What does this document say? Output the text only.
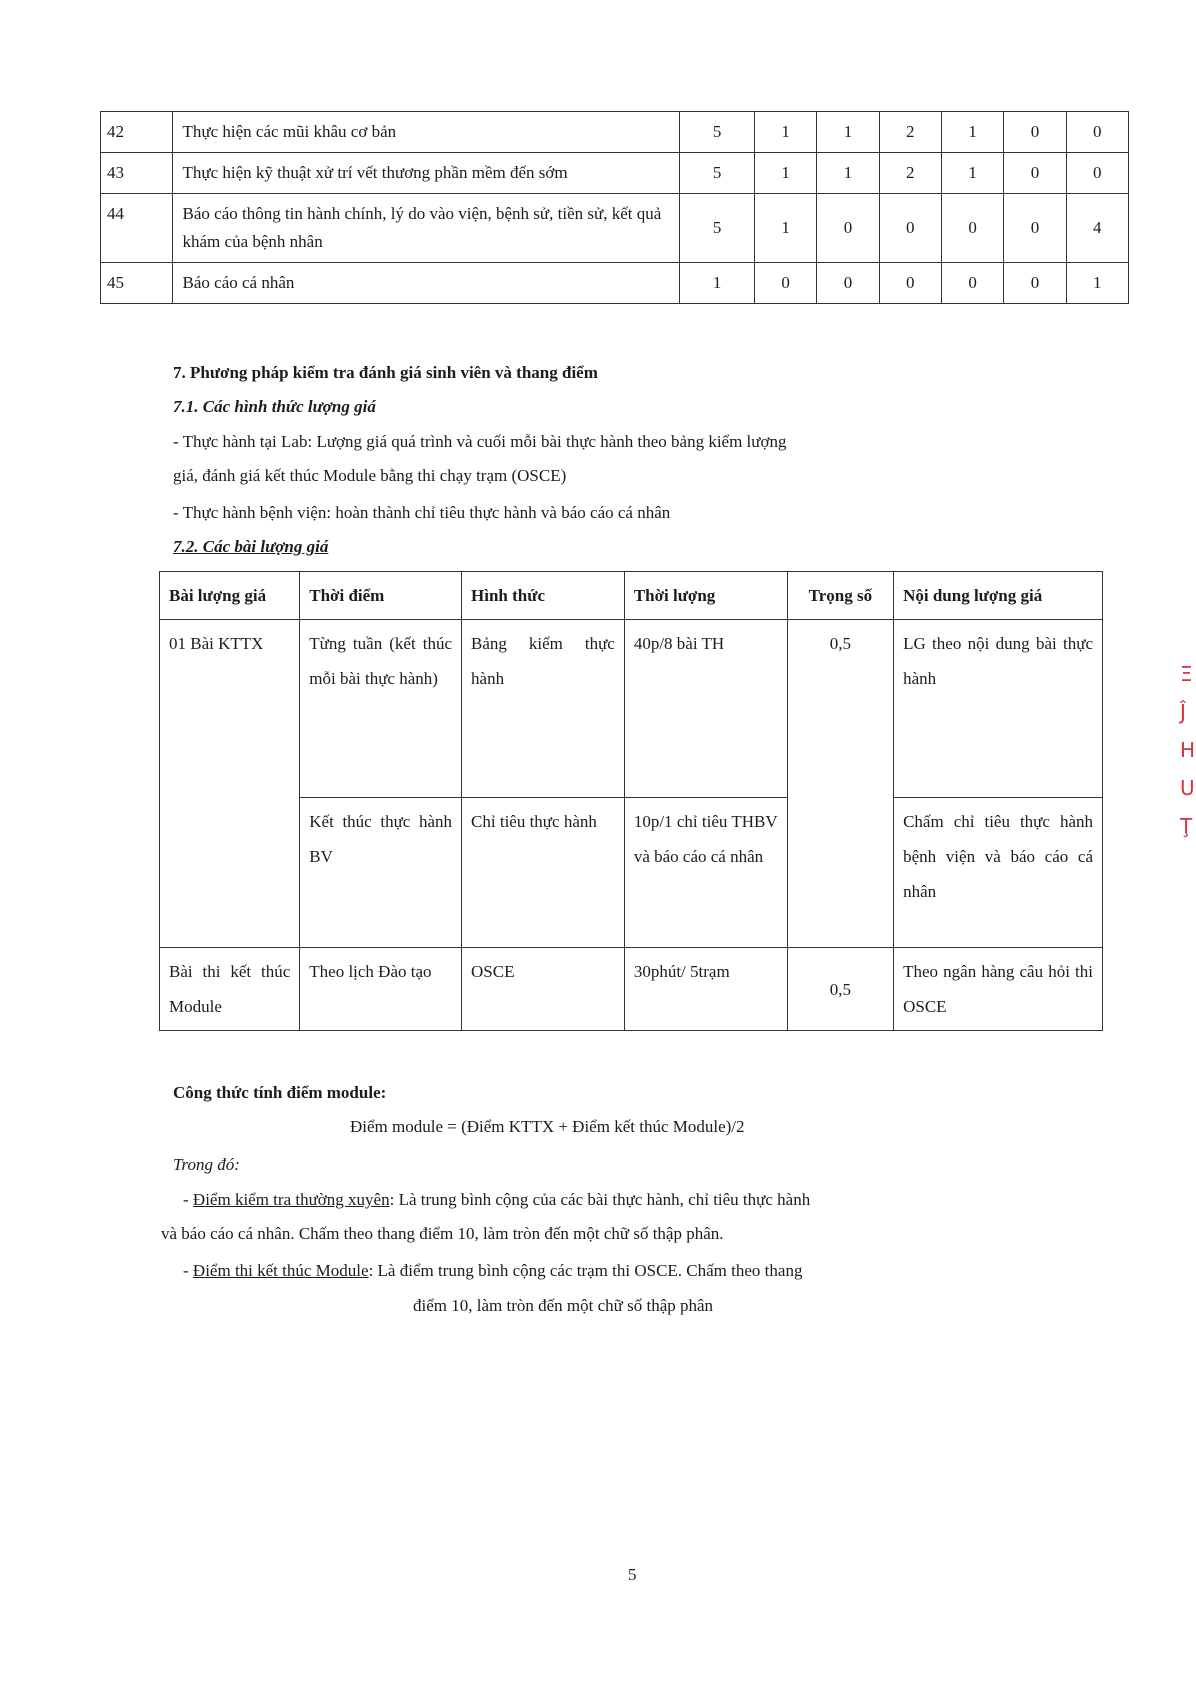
42	Thực hiện các mũi khâu cơ bản	5	1	1	2	1	0	0
43	Thực hiện kỹ thuật xử trí vết thương phần mềm đến sớm	5	1	1	2	1	0	0
44	Báo cáo thông tin hành chính, lý do vào viện, bệnh sử, tiền sử, kết quả khám của bệnh nhân	5	1	0	0	0	0	4
45	Báo cáo cá nhân	1	0	0	0	0	0	1
7. Phương pháp kiểm tra đánh giá sinh viên và thang điểm
7.1. Các hình thức lượng giá
- Thực hành tại Lab: Lượng giá quá trình và cuối mỗi bài thực hành theo bảng kiểm lượng
giá, đánh giá kết thúc Module bằng thi chạy trạm (OSCE)
- Thực hành bệnh viện: hoàn thành chỉ tiêu thực hành và báo cáo cá nhân
7.2. Các bài lượng giá
Bài lượng giá	Thời điểm	Hình thức	Thời lượng	Trọng số	Nội dung lượng giá
01 Bài KTTX	Từng tuần (kết thúc mỗi bài thực hành)	Bảng kiểm thực hành	40p/8 bài TH	0,5	LG theo nội dung bài thực hành
	Kết thúc thực hành BV	Chỉ tiêu thực hành	10p/1 chỉ tiêu THBV và báo cáo cá nhân		Chấm chỉ tiêu thực hành bệnh viện và báo cáo cá nhân
Bài thi kết thúc Module	Theo lịch Đào tạo	OSCE	30phút/ 5trạm	0,5	Theo ngân hàng câu hỏi thi OSCE
Công thức tính điểm module:
Điểm module = (Điểm KTTX + Điểm kết thúc Module)/2
Trong đó:
- Điểm kiểm tra thường xuyên: Là trung bình cộng của các bài thực hành, chỉ tiêu thực hành
và báo cáo cá nhân. Chấm theo thang điểm 10, làm tròn đến một chữ số thập phân.
- Điểm thi kết thúc Module: Là điểm trung bình cộng các trạm thi OSCE. Chấm theo thang
điểm 10, làm tròn đến một chữ số thập phân
5
Ξ
Ĵ
H
U
Ţ
